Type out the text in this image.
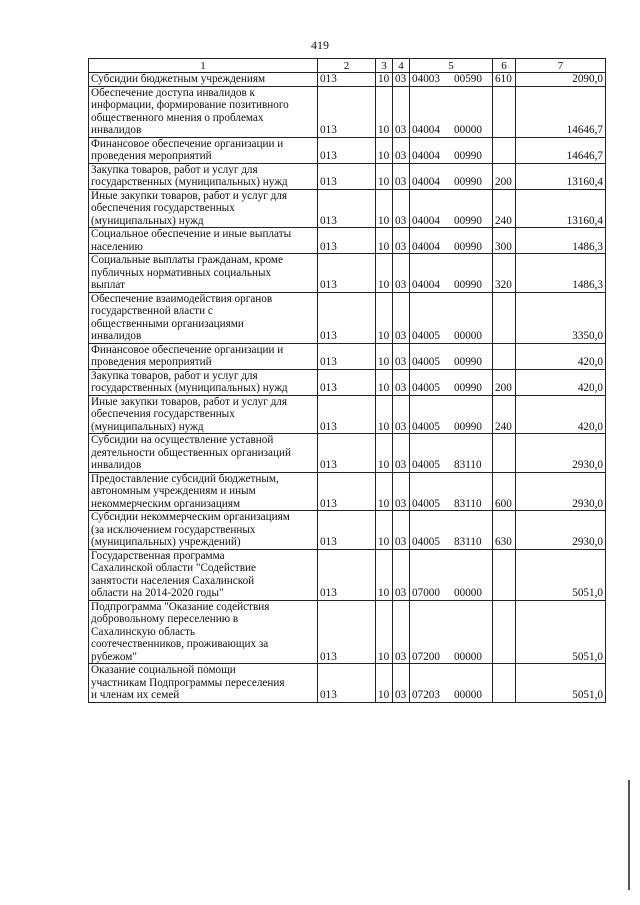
419
1	2	3	4	5	6	7
Субсидии бюджетным учреждениям	013	10	03	04003 00590	610	2090,0
Обеспечение доступа инвалидов к
информации, формирование позитивного
общественного мнения о проблемах
инвалидов	013	10	03	04004 00000		14646,7
Финансовое обеспечение организации и
проведения мероприятий	013	10	03	04004 00990		14646,7
Закупка товаров, работ и услуг для
государственных (муниципальных) нужд	013	10	03	04004 00990	200	13160,4
Иные закупки товаров, работ и услуг для
обеспечения государственных
(муниципальных) нужд	013	10	03	04004 00990	240	13160,4
Социальное обеспечение и иные выплаты
населению	013	10	03	04004 00990	300	1486,3
Социальные выплаты гражданам, кроме
публичных нормативных социальных
выплат	013	10	03	04004 00990	320	1486,3
Обеспечение взаимодействия органов
государственной власти с
общественными организациями
инвалидов	013	10	03	04005 00000		3350,0
Финансовое обеспечение организации и
проведения мероприятий	013	10	03	04005 00990		420,0
Закупка товаров, работ и услуг для
государственных (муниципальных) нужд	013	10	03	04005 00990	200	420,0
Иные закупки товаров, работ и услуг для
обеспечения государственных
(муниципальных) нужд	013	10	03	04005 00990	240	420,0
Субсидии на осуществление уставной
деятельности общественных организаций
инвалидов	013	10	03	04005 83110		2930,0
Предоставление субсидий бюджетным,
автономным учреждениям и иным
некоммерческим организациям	013	10	03	04005 83110	600	2930,0
Субсидии некоммерческим организациям
(за исключением государственных
(муниципальных) учреждений)	013	10	03	04005 83110	630	2930,0
Государственная программа
Сахалинской области "Содействие
занятости населения Сахалинской
области на 2014-2020 годы"	013	10	03	07000 00000		5051,0
Подпрограмма "Оказание содействия
добровольному переселению в
Сахалинскую область
соотечественников, проживающих за
рубежом"	013	10	03	07200 00000		5051,0
Оказание социальной помощи
участникам Подпрограммы переселения
и членам их семей	013	10	03	07203 00000		5051,0
